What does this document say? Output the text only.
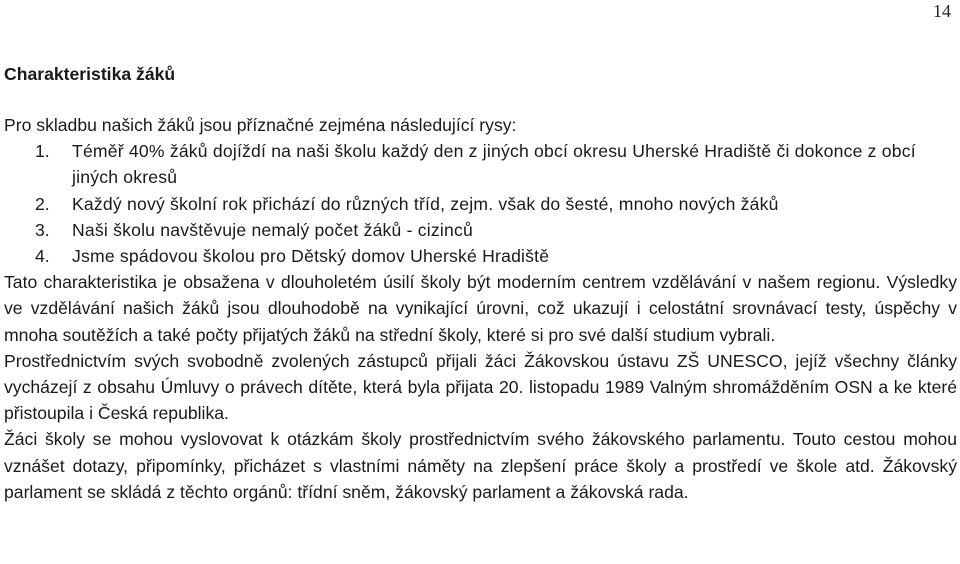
14
Charakteristika žáků

Pro skladbu našich žáků jsou příznačné zejména následující rysy:

1. Téměř 40% žáků dojíždí na naši školu každý den z jiných obcí okresu Uherské Hradiště či dokonce z obcí jiných okresů
2. Každý nový školní rok přichází do různých tříd, zejm. však do šesté, mnoho nových žáků
3. Naši školu navštěvuje nemalý počet žáků - cizinců
4. Jsme spádovou školou pro Dětský domov Uherské Hradiště

Tato charakteristika je obsažena v dlouholetém úsilí školy být moderním centrem vzdělávání v našem regionu. Výsledky ve vzdělávání našich žáků jsou dlouhodobě na vynikající úrovni, což ukazují i celostátní srovnávací testy, úspěchy v mnoha soutěžích a také počty přijatých žáků na střední školy, které si pro své další studium vybrali.

Prostřednictvím svých svobodně zvolených zástupců přijali žáci Žákovskou ústavu ZŠ UNESCO, jejíž všechny články vycházejí z obsahu Úmluvy o právech dítěte, která byla přijata 20. listopadu 1989 Valným shromážděním OSN a ke které přistoupila i Česká republika.

Žáci školy se mohou vyslovovat k otázkám školy prostřednictvím svého žákovského parlamentu. Touto cestou mohou vznášet dotazy, připomínky, přicházet s vlastními náměty na zlepšení práce školy a prostředí ve škole atd. Žákovský parlament se skládá z těchto orgánů: třídní sněm, žákovský parlament a žákovská rada.
